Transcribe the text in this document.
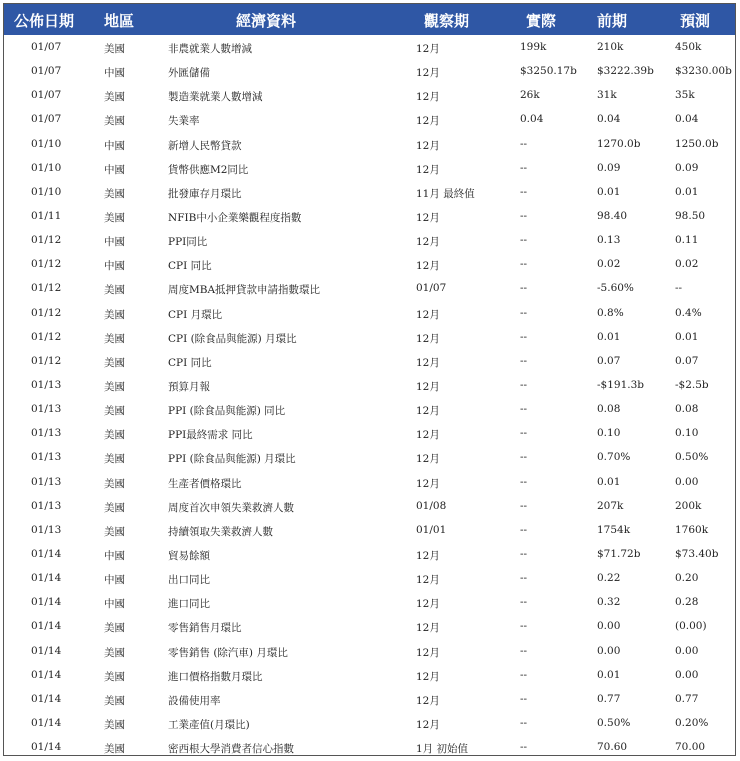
公佈日期 地區	經濟資料	觀察期	實際	前期	預測
01/07	美國	非農就業人數增減	12月	199k	210k	450k
01/07	中國	外匯儲備	12月	$3250.17b $3222.39b $3230.00b
01/07	美國	製造業就業人數增減	12月	26k	31k	35k
01/07	美國	失業率	12月	0.04	0.04	0.04
01/10	中國	新增人民幣貸款	12月	--	1270.0b	1250.0b
01/10	中國	貨幣供應M2同比	12月	--	0.09	0.09
01/10	美國	批發庫存月環比	11月 最終值	--	0.01	0.01
01/11	美國	NFIB中小企業樂觀程度指數	12月	--	98.40	98.50
01/12	中國	PPI同比	12月	--	0.13	0.11
01/12	中國	CPI 同比	12月	--	0.02	0.02
01/12	美國	周度MBA抵押貸款申請指數環比	01/07	--	-5.60%	--
01/12	美國	CPI 月環比	12月	--	0.8%	0.4%
01/12	美國	CPI (除食品與能源) 月環比	12月	--	0.01	0.01
01/12	美國	CPI 同比	12月	--	0.07	0.07
01/13	美國	預算月報	12月	--	-$191.3b	-$2.5b
01/13	美國	PPI (除食品與能源) 同比	12月	--	0.08	0.08
01/13	美國	PPI最終需求 同比	12月	--	0.10	0.10
01/13	美國	PPI (除食品與能源) 月環比	12月	--	0.70%	0.50%
01/13	美國	生產者價格環比	12月	--	0.01	0.00
01/13	美國	周度首次申領失業救濟人數	01/08	--	207k	200k
01/13	美國	持續領取失業救濟人數	01/01	--	1754k	1760k
01/14	中國	貿易餘額	12月	--	$71.72b	$73.40b
01/14	中國	出口同比	12月	--	0.22	0.20
01/14	中國	進口同比	12月	--	0.32	0.28
01/14	美國	零售銷售月環比	12月	--	0.00	(0.00)
01/14	美國	零售銷售 (除汽車) 月環比	12月	--	0.00	0.00
01/14	美國	進口價格指數月環比	12月	--	0.01	0.00
01/14	美國	設備使用率	12月	--	0.77	0.77
01/14	美國	工業產值(月環比)	12月	--	0.50%	0.20%
01/14	美國	密西根大學消費者信心指數	1月 初始值	--	70.60	70.00
